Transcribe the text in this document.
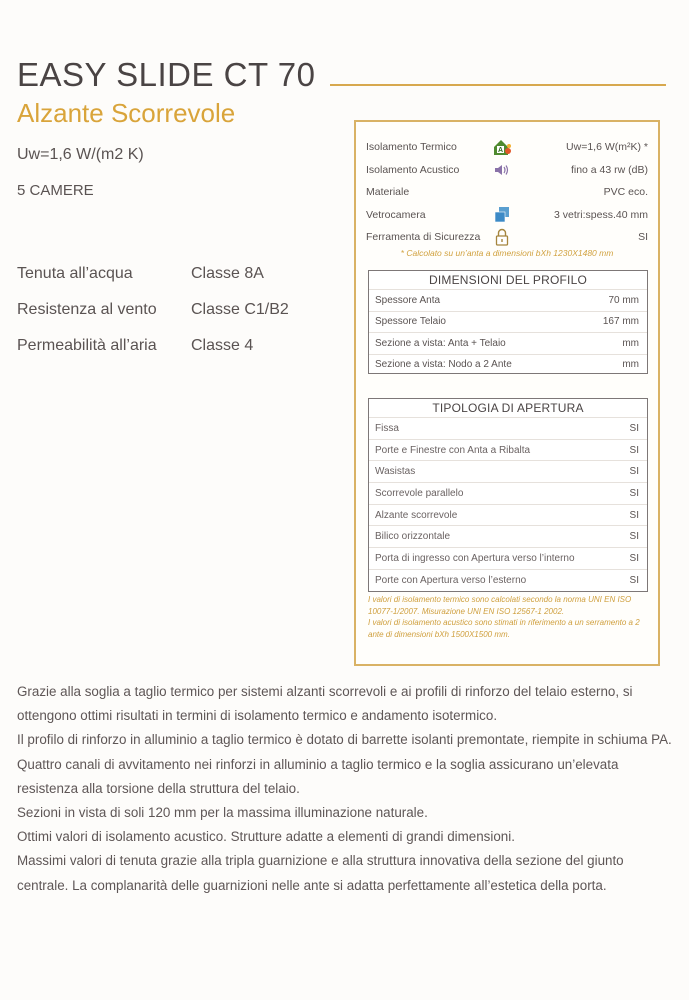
EASY SLIDE CT 70
Alzante Scorrevole
Uw=1,6 W/(m2 K)
5 CAMERE
Tenuta all’acqua	Classe 8A
Resistenza al vento	Classe C1/B2
Permeabilità all’aria	Classe 4
Isolamento Termico	A	Uw=1,6 W(m²K) *
Isolamento Acustico	fino a 43 rw (dB)
Materiale	PVC eco.
Vetrocamera	3 vetri:spess.40 mm
Ferramenta di Sicurezza	SI
* Calcolato su un’anta a dimensioni bXh 1230X1480 mm
DIMENSIONI DEL PROFILO
Spessore Anta	70 mm
Spessore Telaio	167 mm
Sezione a vista: Anta + Telaio	mm
Sezione a vista: Nodo a 2 Ante	mm
TIPOLOGIA DI APERTURA
Fissa	SI
Porte e Finestre con Anta a Ribalta	SI
Wasistas	SI
Scorrevole parallelo	SI
Alzante scorrevole	SI
Bilico orizzontale	SI
Porta di ingresso con Apertura verso l’interno	SI
Porte con Apertura verso l’esterno	SI
I valori di isolamento termico sono calcolati secondo la norma UNI EN ISO 10077-1/2007. Misurazione UNI EN ISO 12567-1 2002.
I valori di isolamento acustico sono stimati in riferimento a un serramento a 2 ante di dimensioni bXh 1500X1500 mm.

Grazie alla soglia a taglio termico per sistemi alzanti scorrevoli e ai profili di rinforzo del telaio esterno, si ottengono ottimi risultati in termini di isolamento termico e andamento isotermico.

Il profilo di rinforzo in alluminio a taglio termico è dotato di barrette isolanti premontate, riempite in schiuma PA. Quattro canali di avvitamento nei rinforzi in alluminio a taglio termico e la soglia assicurano un’elevata resistenza alla torsione della struttura del telaio.

Sezioni in vista di soli 120 mm per la massima illuminazione naturale.

Ottimi valori di isolamento acustico. Strutture adatte a elementi di grandi dimensioni.

Massimi valori di tenuta grazie alla tripla guarnizione e alla struttura innovativa della sezione del giunto centrale. La complanarità delle guarnizioni nelle ante si adatta perfettamente all’estetica della porta.
